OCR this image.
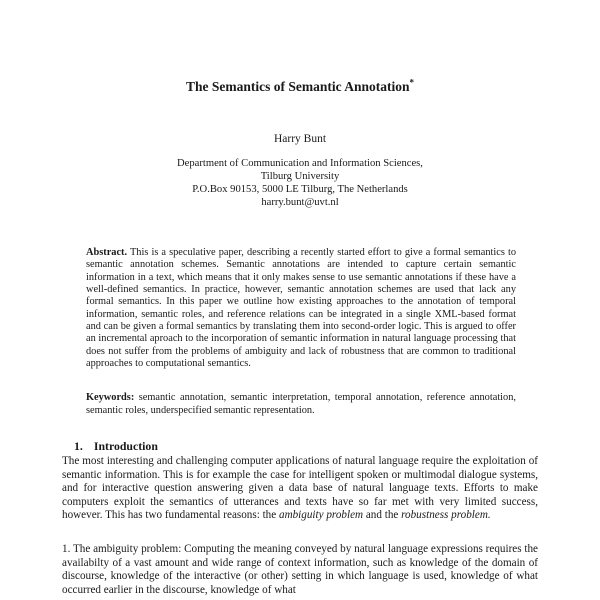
The Semantics of Semantic Annotation*
Harry Bunt
Department of Communication and Information Sciences,
Tilburg University
P.O.Box 90153, 5000 LE Tilburg, The Netherlands
harry.bunt@uvt.nl
Abstract. This is a speculative paper, describing a recently started effort to give a formal semantics to semantic annotation schemes. Semantic annotations are intended to capture certain semantic information in a text, which means that it only makes sense to use semantic annotations if these have a well-defined semantics. In practice, however, semantic annotation schemes are used that lack any formal semantics. In this paper we outline how existing approaches to the annotation of temporal information, semantic roles, and reference relations can be integrated in a single XML-based format and can be given a formal semantics by translating them into second-order logic. This is argued to offer an incremental aproach to the incorporation of semantic information in natural language processing that does not suffer from the problems of ambiguity and lack of robustness that are common to traditional approaches to computational semantics.
Keywords: semantic annotation, semantic interpretation, temporal annotation, reference annotation, semantic roles, underspecified semantic representation.
1. Introduction
The most interesting and challenging computer applications of natural language require the exploitation of semantic information. This is for example the case for intelligent spoken or multimodal dialogue systems, and for interactive question answering given a data base of natural language texts. Efforts to make computers exploit the semantics of utterances and texts have so far met with very limited success, however. This has two fundamental reasons: the ambiguity problem and the robustness problem.
1. The ambiguity problem: Computing the meaning conveyed by natural language expressions requires the availabilty of a vast amount and wide range of context information, such as knowledge of the domain of discourse, knowledge of the interactive (or other) setting in which language is used, knowledge of what occurred earlier in the discourse, knowledge of what
